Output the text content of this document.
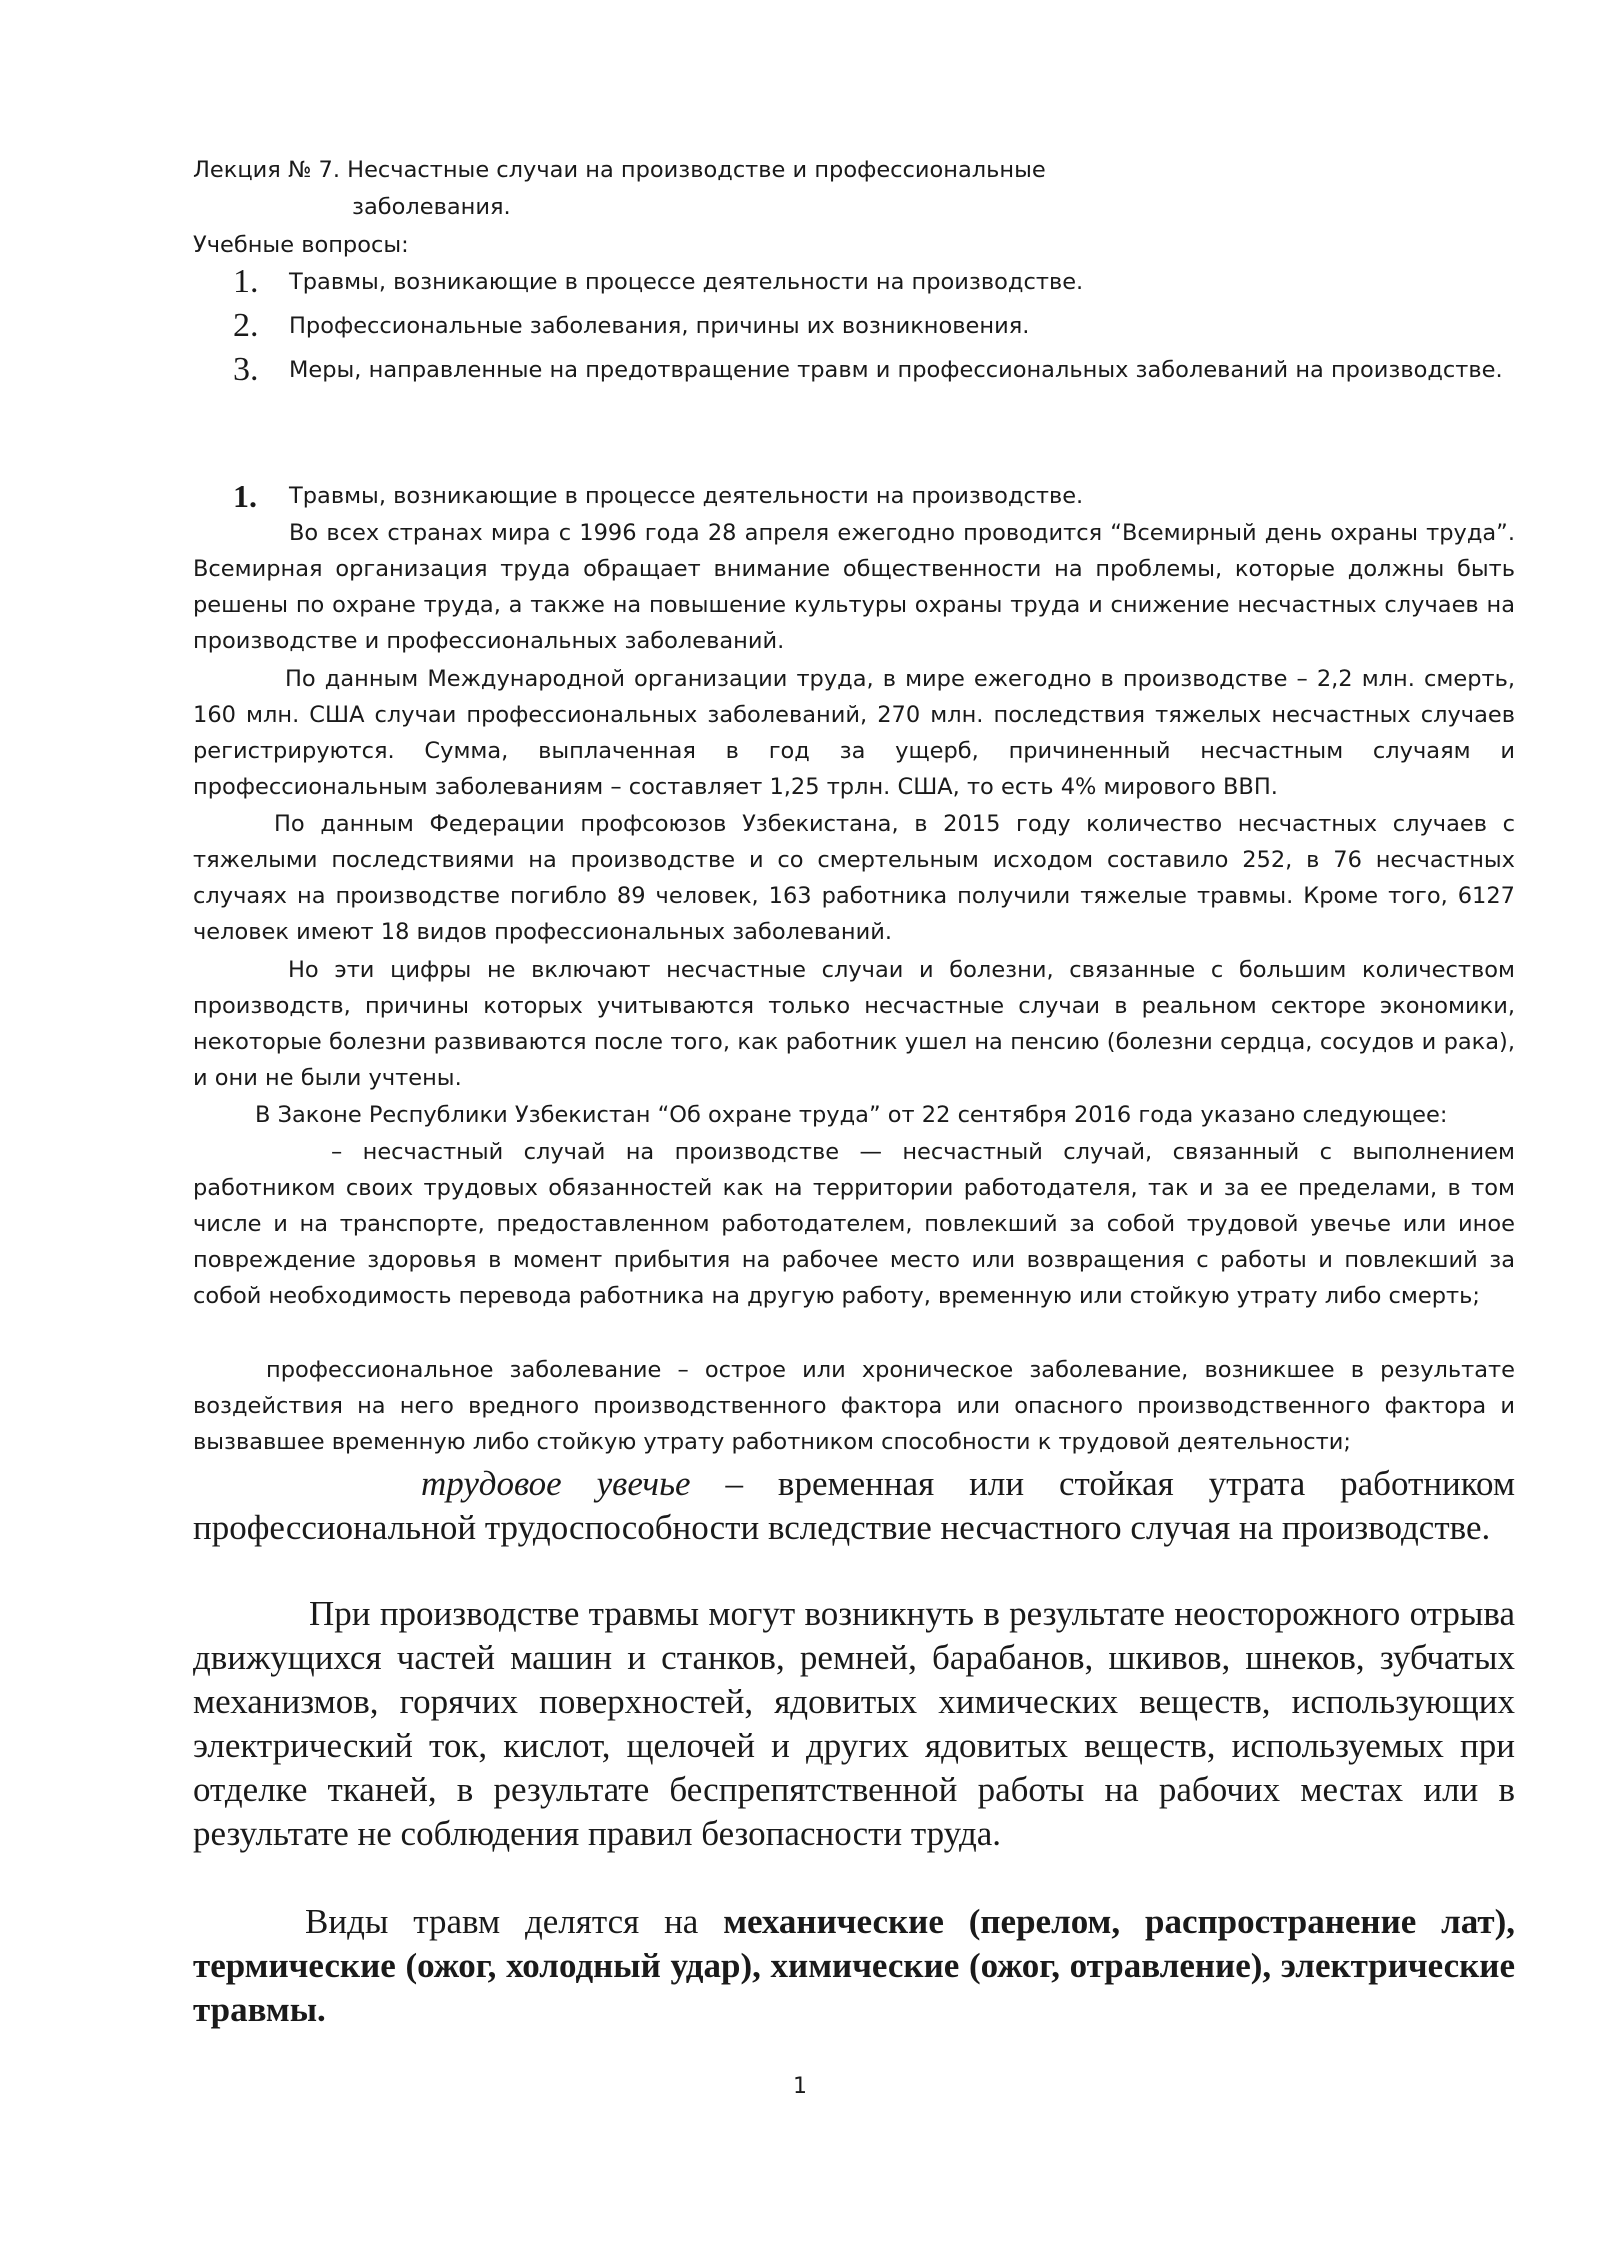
Лекция № 7. Несчастные случаи на производстве и профессиональные
заболевания.
Учебные вопросы:
1.	Травмы, возникающие в процессе деятельности на производстве.
2.	Профессиональные заболевания, причины их возникновения.
3.	Меры, направленные на предотвращение травм и профессиональных заболеваний на производстве.
1.	Травмы, возникающие в процессе деятельности на производстве.

Во всех странах мира с 1996 года 28 апреля ежегодно проводится “Всемирный день охраны труда”. Всемирная организация труда обращает внимание общественности на проблемы, которые должны быть решены по охране труда, а также на повышение культуры охраны труда и снижение несчастных случаев на производстве и профессиональных заболеваний.

По данным Международной организации труда, в мире ежегодно в производстве – 2,2 млн. смерть, 160 млн. США случаи профессиональных заболеваний, 270 млн. последствия тяжелых несчастных случаев регистрируются. Сумма, выплаченная в год за ущерб, причиненный несчастным случаям и профессиональным заболеваниям – составляет 1,25 трлн. США, то есть 4% мирового ВВП.

По данным Федерации профсоюзов Узбекистана, в 2015 году количество несчастных случаев с тяжелыми последствиями на производстве и со смертельным исходом составило 252, в 76 несчастных случаях на производстве погибло 89 человек, 163 работника получили тяжелые травмы. Кроме того, 6127 человек имеют 18 видов профессиональных заболеваний.

Но эти цифры не включают несчастные случаи и болезни, связанные с большим количеством производств, причины которых учитываются только несчастные случаи в реальном секторе экономики, некоторые болезни развиваются после того, как работник ушел на пенсию (болезни сердца, сосудов и рака), и они не были учтены.

В Законе Республики Узбекистан “Об охране труда” от 22 сентября 2016 года указано следующее:

– несчастный случай на производстве — несчастный случай, связанный с выполнением работником своих трудовых обязанностей как на территории работодателя, так и за ее пределами, в том числе и на транспорте, предоставленном работодателем, повлекший за собой трудовой увечье или иное повреждение здоровья в момент прибытия на рабочее место или возвращения с работы и повлекший за собой необходимость перевода работника на другую работу, временную или стойкую утрату либо смерть;

профессиональное заболевание – острое или хроническое заболевание, возникшее в результате воздействия на него вредного производственного фактора или опасного производственного фактора и вызвавшее временную либо стойкую утрату работником способности к трудовой деятельности;

трудовое увечье – временная или стойкая утрата работником профессиональной трудоспособности вследствие несчастного случая на производстве.

При производстве травмы могут возникнуть в результате неосторожного отрыва движущихся частей машин и станков, ремней, барабанов, шкивов, шнеков, зубчатых механизмов, горячих поверхностей, ядовитых химических веществ, использующих электрический ток, кислот, щелочей и других ядовитых веществ, используемых при отделке тканей, в результате беспрепятственной работы на рабочих местах или в результате не соблюдения правил безопасности труда.

Виды травм делятся на механические (перелом, распространение лат), термические (ожог, холодный удар), химические (ожог, отравление), электрические травмы.

1
